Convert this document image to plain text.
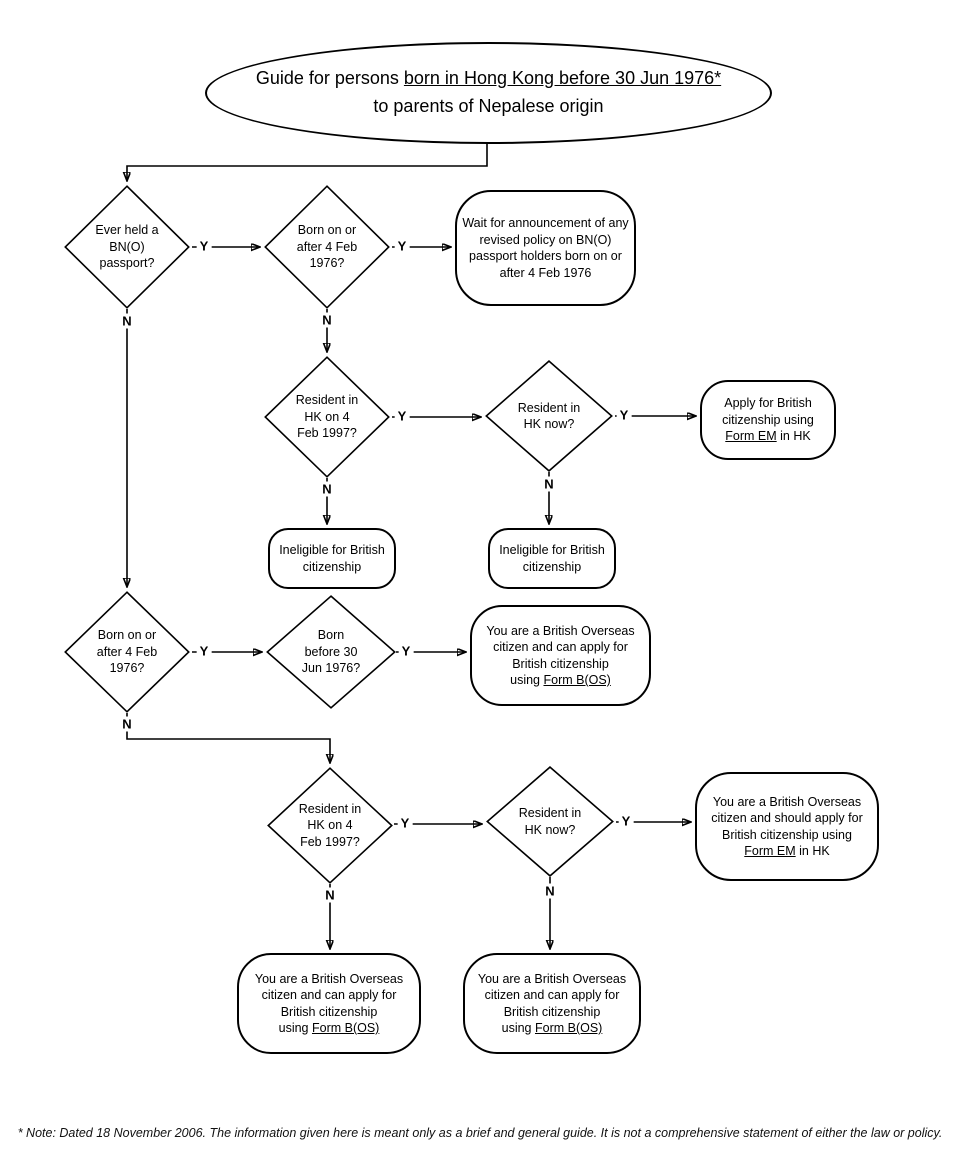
Guide for persons born in Hong Kong before 30 Jun 1976*
to parents of Nepalese origin
Ever held a
BN(O)
passport?
Born on or
after 4 Feb
1976?
Wait for announcement of any
revised policy on BN(O)
passport holders born on or
after 4 Feb 1976
Resident in
HK on 4
Feb 1997?
Resident in
HK now?
Apply for British
citizenship using
Form EM in HK
Ineligible for British
citizenship
Ineligible for British
citizenship
Born on or
after 4 Feb
1976?
Born
before 30
Jun 1976?
You are a British Overseas
citizen and can apply for
British citizenship
using Form B(OS)
Resident in
HK on 4
Feb 1997?
Resident in
HK now?
You are a British Overseas
citizen and should apply for
British citizenship using
Form EM in HK
You are a British Overseas
citizen and can apply for
British citizenship
using Form B(OS)
You are a British Overseas
citizen and can apply for
British citizenship
using Form B(OS)
Y	Y
N	N
Y	Y
N	N
Y	Y
N
Y	Y
N	N
* Note: Dated 18 November 2006. The information given here is meant only as a brief and general guide. It is not a comprehensive statement of either the law or policy.
